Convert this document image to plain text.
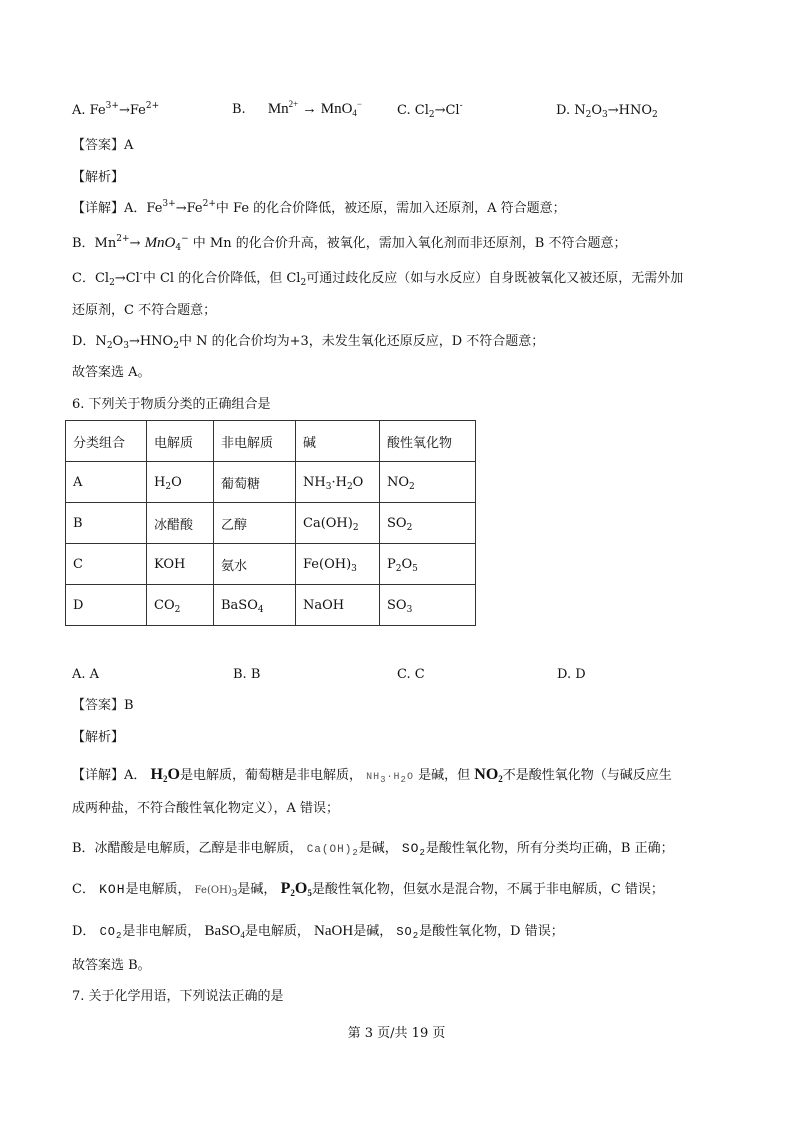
A. $Fe^{3+}\to Fe^{2+}$	B. $Mn^{2+} \to MnO_4^-$	C. $Cl_2\to Cl^-$	D. $N_2O_3\to HNO_2$
【答案】A
【解析】
【详解】A．$Fe^{3+}\to Fe^{2+}$中 Fe 的化合价降低，被还原，需加入还原剂，A 符合题意；
B．$Mn^{2+}\to MnO_4^-$ 中 Mn 的化合价升高，被氧化，需加入氧化剂而非还原剂，B 不符合题意；
C．$Cl_2\to Cl^-$中 Cl 的化合价降低，但 $Cl_2$可通过歧化反应（如与水反应）自身既被氧化又被还原，无需外加
还原剂，C 不符合题意；
D．$N_2O_3\to HNO_2$中 N 的化合价均为+3，未发生氧化还原反应，D 不符合题意；
故答案选 A。
6. 下列关于物质分类的正确组合是
分类组合	电解质	非电解质	碱	酸性氧化物
A	$H_2O$	葡萄糖	$NH_3\cdot H_2O$	$NO_2$
B	冰醋酸	乙醇	$Ca(OH)_2$	$SO_2$
C	KOH	氨水	$Fe(OH)_3$	$P_2O_5$
D	$CO_2$	BaSO$_4$	NaOH	$SO_3$
A. A	B. B	C. C	D. D
【答案】B
【解析】
【详解】A． $H_2O$是电解质，葡萄糖是非电解质， $NH_3\cdot H_2O$ 是碱，但 $NO_2$不是酸性氧化物（与碱反应生
成两种盐，不符合酸性氧化物定义），A 错误；
B．冰醋酸是电解质，乙醇是非电解质， $Ca(OH)_2$是碱， $SO_2$是酸性氧化物，所有分类均正确，B 正确；
C． KOH是电解质， $Fe(OH)_3$是碱， $P_2O_5$是酸性氧化物，但氨水是混合物，不属于非电解质，C 错误；
D． $CO_2$是非电解质， BaSO$_4$是电解质， NaOH是碱， $SO_2$是酸性氧化物，D 错误；
故答案选 B。
7. 关于化学用语，下列说法正确的是
第 3 页/共 19 页
